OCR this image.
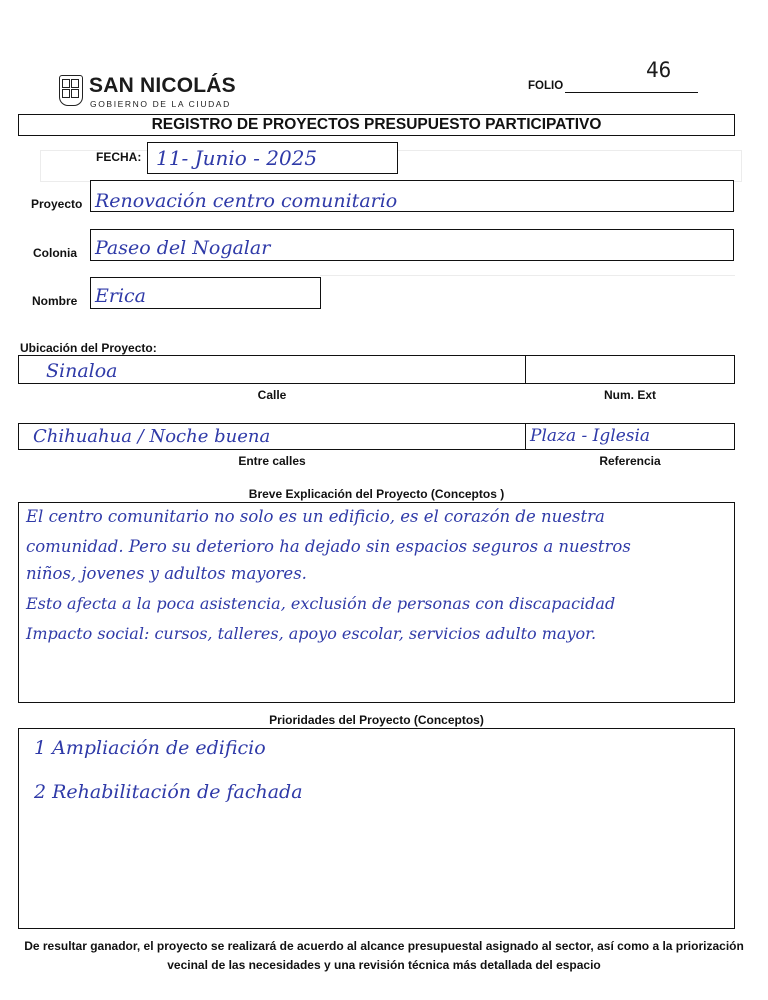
SAN NICOLÁS
GOBIERNO DE LA CIUDAD
FOLIO
46
REGISTRO DE PROYECTOS PRESUPUESTO PARTICIPATIVO
FECHA: 11- Junio - 2025
Proyecto Renovación centro comunitario
Colonia Paseo del Nogalar
Nombre Erica
Ubicación del Proyecto:
Sinaloa
Calle	Num. Ext
Chihuahua / Noche buena	Plaza - Iglesia
Entre calles	Referencia
Breve Explicación del Proyecto (Conceptos )
El centro comunitario no solo es un edificio, es el corazón de nuestra
comunidad. Pero su deterioro ha dejado sin espacios seguros a nuestros
niños, jovenes y adultos mayores.
Esto afecta a la poca asistencia, exclusión de personas con discapacidad
Impacto social: cursos, talleres, apoyo escolar, servicios adulto mayor.
Prioridades del Proyecto (Conceptos)
1 Ampliación de edificio
2 Rehabilitación de fachada
De resultar ganador, el proyecto se realizará de acuerdo al alcance presupuestal asignado al sector, así como a la priorización
vecinal de las necesidades y una revisión técnica más detallada del espacio
